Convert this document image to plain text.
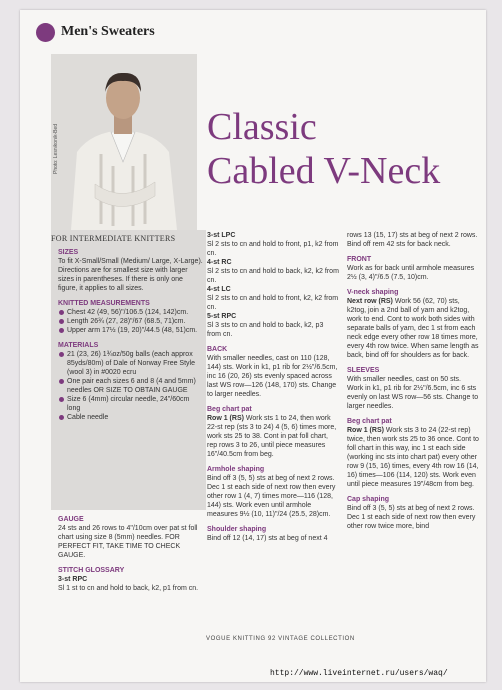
Men's Sweaters
Photo: Lesnikonik-Bed	Classic
Cabled V-Neck
FOR INTERMEDIATE KNITTERS

SIZES

To fit X-Small/Small (Medium/ Large, X-Large). Directions are for smallest size with larger sizes in parentheses. If there is only one figure, it applies to all sizes.

KNITTED MEASUREMENTS

Chest 42 (49, 56)"/106.5 (124, 142)cm.

Length 26¾ (27, 28)"/67 (68.5, 71)cm.

Upper arm 17½ (19, 20)"/44.5 (48, 51)cm.

MATERIALS

21 (23, 26) 1¾oz/50g balls (each approx 85yds/80m) of Dale of Norway Free Style (wool 3) in #0020 ecru

One pair each sizes 6 and 8 (4 and 5mm) needles OR SIZE TO OBTAIN GAUGE

Size 6 (4mm) circular needle, 24"/60cm long

Cable needle

GAUGE

24 sts and 26 rows to 4"/10cm over pat st foll chart using size 8 (5mm) needles. FOR PERFECT FIT, TAKE TIME TO CHECK GAUGE.

STITCH GLOSSARY

3-st RPC

Sl 1 st to cn and hold to back, k2, p1 from cn.

3-st LPC

Sl 2 sts to cn and hold to front, p1, k2 from cn.

4-st RC

Sl 2 sts to cn and hold to back, k2, k2 from cn.

4-st LC

Sl 2 sts to cn and hold to front, k2, k2 from cn.

5-st RPC

Sl 3 sts to cn and hold to back, k2, p3 from cn.

BACK

With smaller needles, cast on 110 (128, 144) sts. Work in k1, p1 rib for 2½"/6.5cm, inc 16 (20, 26) sts evenly spaced across last WS row—126 (148, 170) sts. Change to larger needles.

Beg chart pat

Row 1 (RS) Work sts 1 to 24, then work 22-st rep (sts 3 to 24) 4 (5, 6) times more, work sts 25 to 38. Cont in pat foll chart, rep rows 3 to 26, until piece measures 16"/40.5cm from beg.

Armhole shaping

Bind off 3 (5, 5) sts at beg of next 2 rows. Dec 1 st each side of next row then every other row 1 (4, 7) times more—116 (128, 144) sts. Work even until armhole measures 9½ (10, 11)"/24 (25.5, 28)cm.

Shoulder shaping

Bind off 12 (14, 17) sts at beg of next 4

rows 13 (15, 17) sts at beg of next 2 rows. Bind off rem 42 sts for back neck.

FRONT

Work as for back until armhole measures 2½ (3, 4)"/6.5 (7.5, 10)cm.

V-neck shaping

Next row (RS) Work 56 (62, 70) sts, k2tog, join a 2nd ball of yarn and k2tog, work to end. Cont to work both sides with separate balls of yarn, dec 1 st from each neck edge every other row 18 times more, every 4th row twice. When same length as back, bind off for shoulders as for back.

SLEEVES

With smaller needles, cast on 50 sts. Work in k1, p1 rib for 2½"/6.5cm, inc 6 sts evenly on last WS row—56 sts. Change to larger needles.

Beg chart pat

Row 1 (RS) Work sts 3 to 24 (22-st rep) twice, then work sts 25 to 36 once. Cont to foll chart in this way, inc 1 st each side (working inc sts into chart pat) every other row 9 (15, 16) times, every 4th row 16 (14, 16) times—106 (114, 120) sts. Work even until piece measures 19"/48cm from beg.

Cap shaping

Bind off 3 (5, 5) sts at beg of next 2 rows. Dec 1 st each side of next row then every other row twice more, bind

VOGUE KNITTING 92 VINTAGE COLLECTION
http://www.liveinternet.ru/users/waq/
